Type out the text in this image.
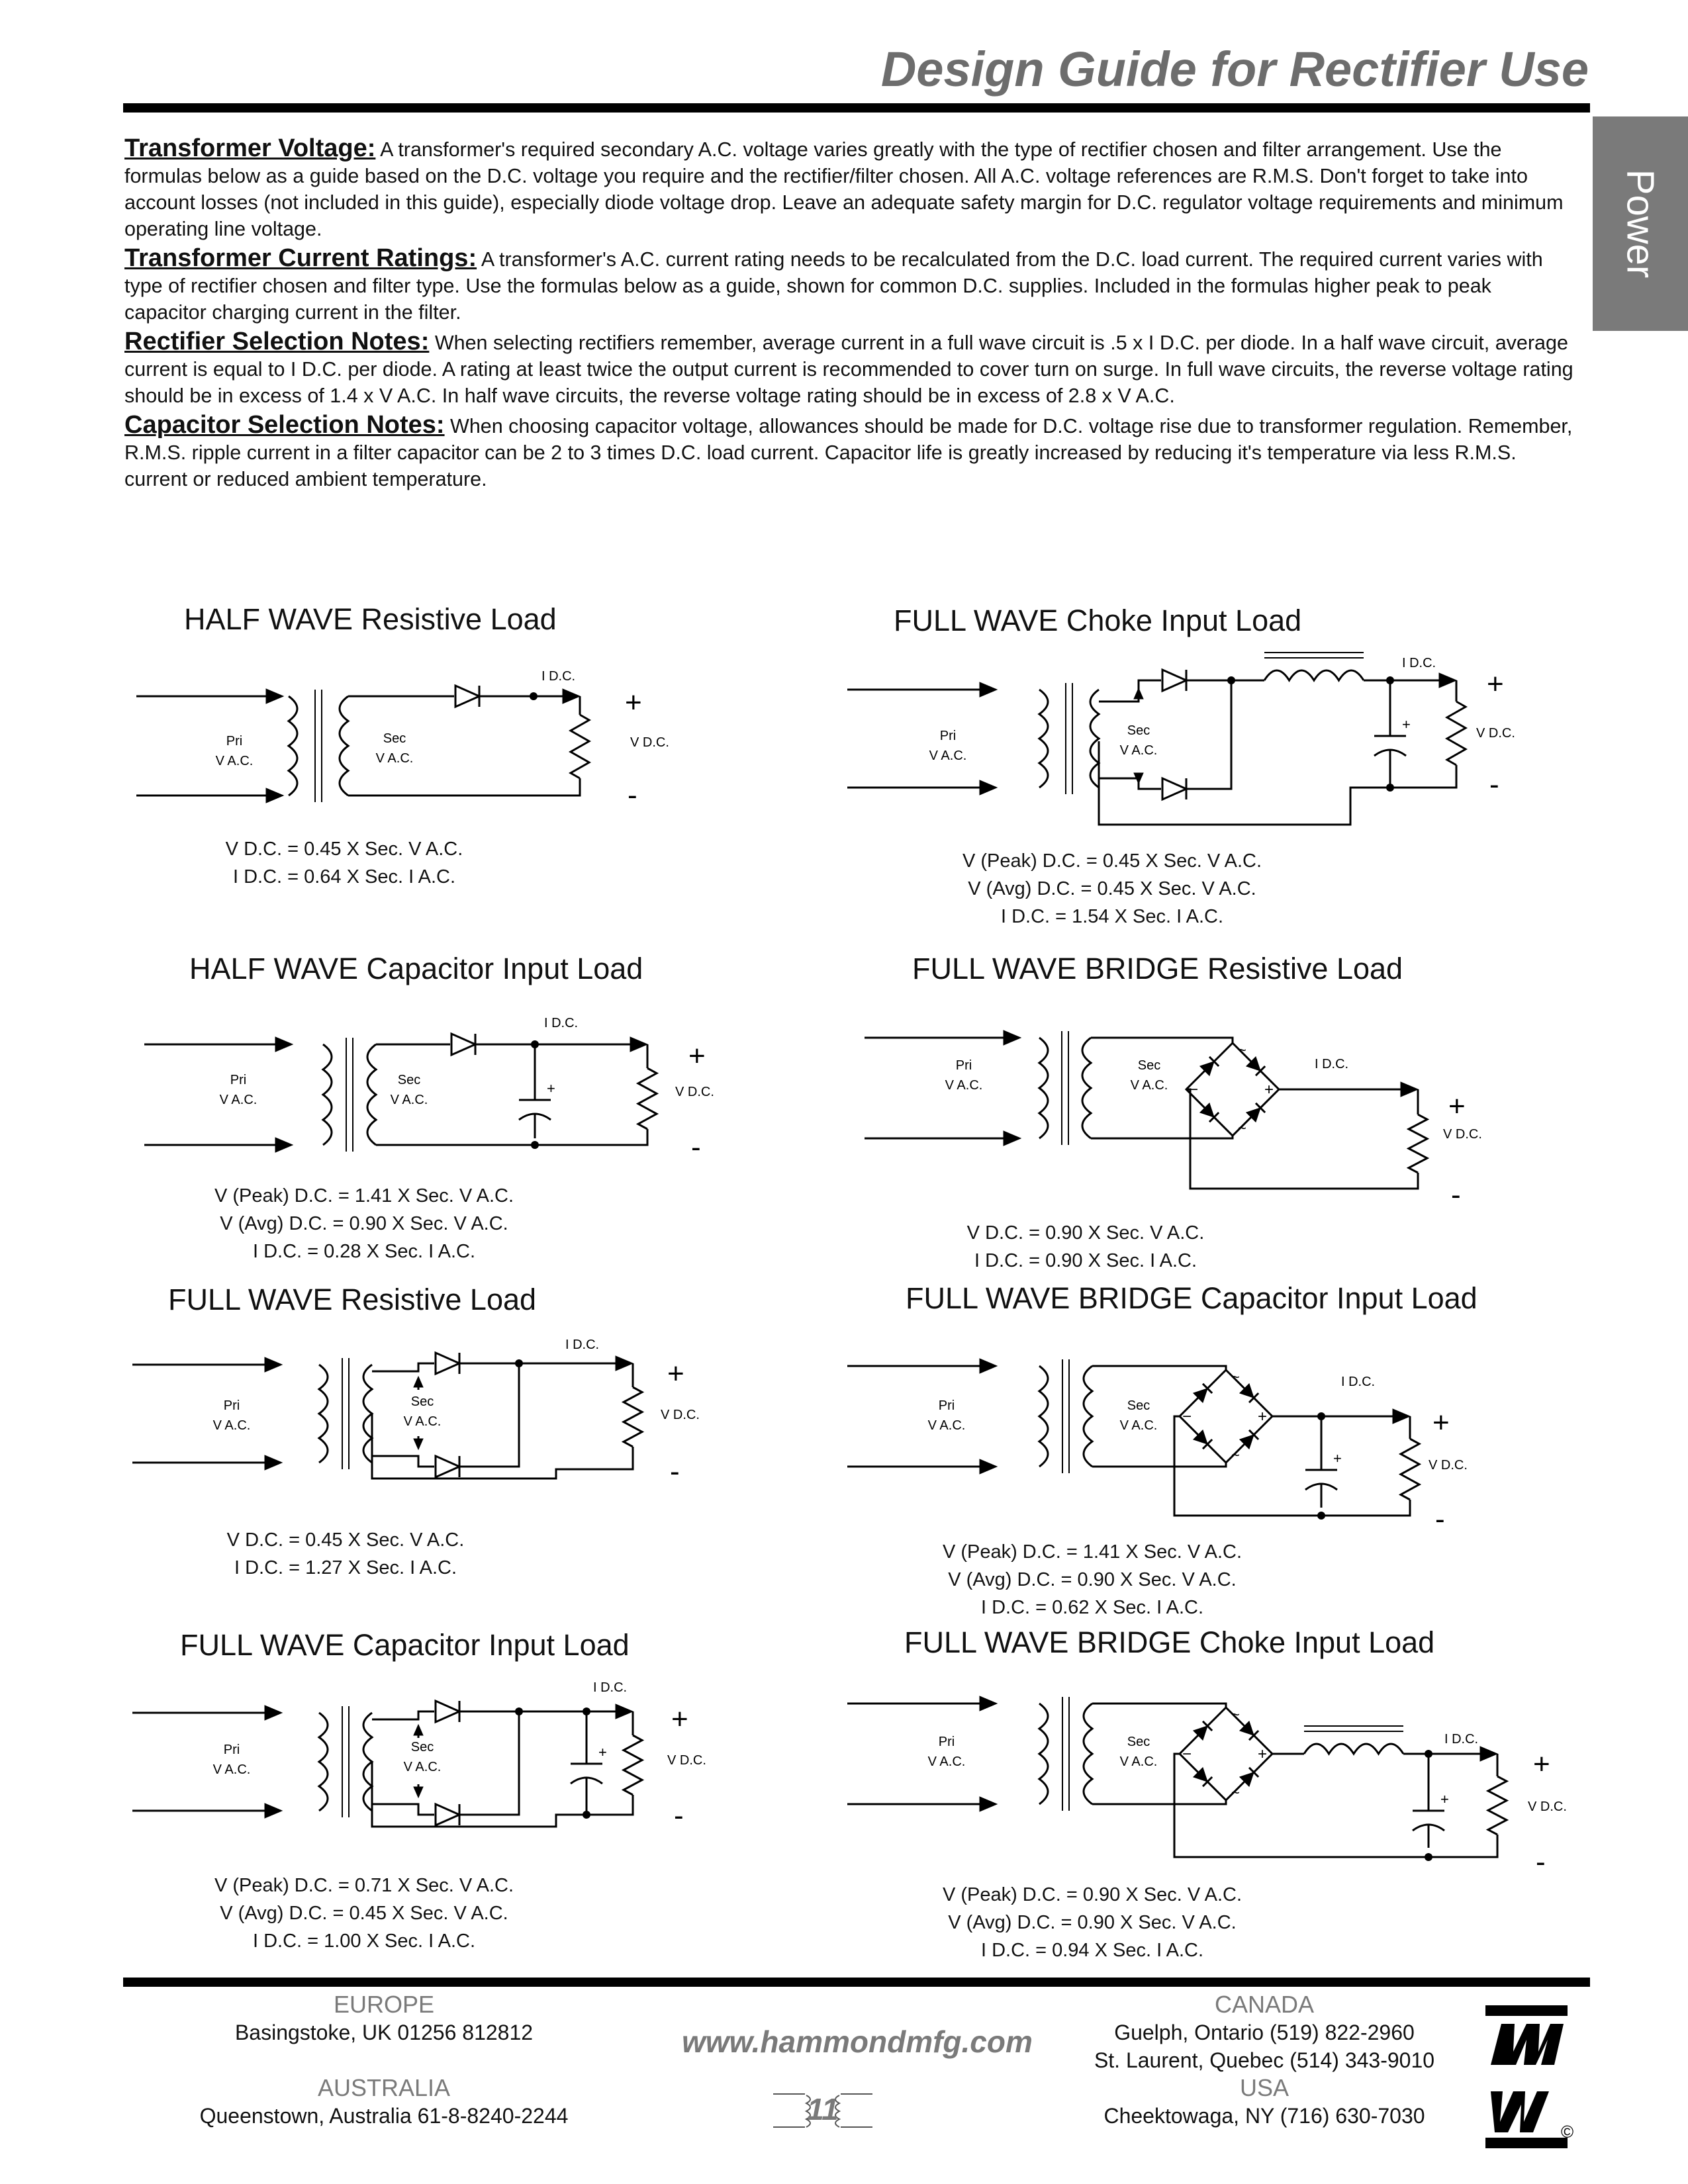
Design Guide for Rectifier Use
Power

Transformer Voltage: A transformer's required secondary A.C. voltage varies greatly with the type of rectifier chosen and filter arrangement. Use the formulas below as a guide based on the D.C. voltage you require and the rectifier/filter chosen. All A.C. voltage references are R.M.S. Don't forget to take into account losses (not included in this guide), especially diode voltage drop. Leave an adequate safety margin for D.C. regulator voltage requirements and minimum operating line voltage.

Transformer Current Ratings: A transformer's A.C. current rating needs to be recalculated from the D.C. load current. The required current varies with type of rectifier chosen and filter type. Use the formulas below as a guide, shown for common D.C. supplies. Included in the formulas higher peak to peak capacitor charging current in the filter.

Rectifier Selection Notes: When selecting rectifiers remember, average current in a full wave circuit is .5 x I D.C. per diode. In a half wave circuit, average current is equal to I D.C. per diode. A rating at least twice the output current is recommended to cover turn on surge. In full wave circuits, the reverse voltage rating should be in excess of 1.4 x V A.C. In half wave circuits, the reverse voltage rating should be in excess of 2.8 x V A.C.

Capacitor Selection Notes: When choosing capacitor voltage, allowances should be made for D.C. voltage rise due to transformer regulation. Remember, R.M.S. ripple current in a filter capacitor can be 2 to 3 times D.C. load current. Capacitor life is greatly increased by reducing it's temperature via less R.M.S. current or reduced ambient temperature.

HALF WAVE Resistive Load	FULL WAVE Choke Input Load
HALF WAVE Capacitor Input Load	FULL WAVE BRIDGE Resistive Load
FULL WAVE Resistive Load	FULL WAVE BRIDGE Capacitor Input Load
FULL WAVE Capacitor Input Load	FULL WAVE BRIDGE Choke Input Load
V D.C. = 0.45 X Sec. V A.C.
I D.C. = 0.64 X Sec. I A.C.
V (Peak) D.C. = 0.45 X Sec. V A.C.
V (Avg) D.C. = 0.45 X Sec. V A.C.
I D.C. = 1.54 X Sec. I A.C.
V (Peak) D.C. = 1.41 X Sec. V A.C.
V (Avg) D.C. = 0.90 X Sec. V A.C.
I D.C. = 0.28 X Sec. I A.C.
V D.C. = 0.90 X Sec. V A.C.
I D.C. = 0.90 X Sec. I A.C.
V D.C. = 0.45 X Sec. V A.C.
I D.C. = 1.27 X Sec. I A.C.
V (Peak) D.C. = 1.41 X Sec. V A.C.
V (Avg) D.C. = 0.90 X Sec. V A.C.
I D.C. = 0.62 X Sec. I A.C.
V (Peak) D.C. = 0.71 X Sec. V A.C.
V (Avg) D.C. = 0.45 X Sec. V A.C.
I D.C. = 1.00 X Sec. I A.C.
V (Peak) D.C. = 0.90 X Sec. V A.C.
V (Avg) D.C. = 0.90 X Sec. V A.C.
I D.C. = 0.94 X Sec. I A.C.
I D.C.
+
-
V D.C.
Pri
V A.C.
Sec
V A.C.
+
I D.C.
+
-
V D.C.
Pri
V A.C.
Sec
V A.C.
+
I D.C.
+
-
V D.C.
Pri
V A.C.
Sec
V A.C.
~
~
−	+
I D.C.
+
-
V D.C.
Pri
V A.C.
Sec
V A.C.
I D.C.
+
-
V D.C.
Pri
V A.C.
Sec
V A.C.
~
~
−	+
+
I D.C.
+
-
V D.C.
Pri
V A.C.
Sec
V A.C.
+
I D.C.
+
-
V D.C.
Pri
V A.C.
Sec
V A.C.
~
~
−	+
+
I D.C.
+
-
V D.C.
Pri
V A.C.
Sec
V A.C.
EUROPE
Basingstoke, UK 01256 812812
AUSTRALIA
Queenstown, Australia 61-8-8240-2244
www.hammondmfg.com
11
CANADA
Guelph, Ontario (519) 822-2960
St. Laurent, Quebec (514) 343-9010
USA
Cheektowaga, NY (716) 630-7030
©
